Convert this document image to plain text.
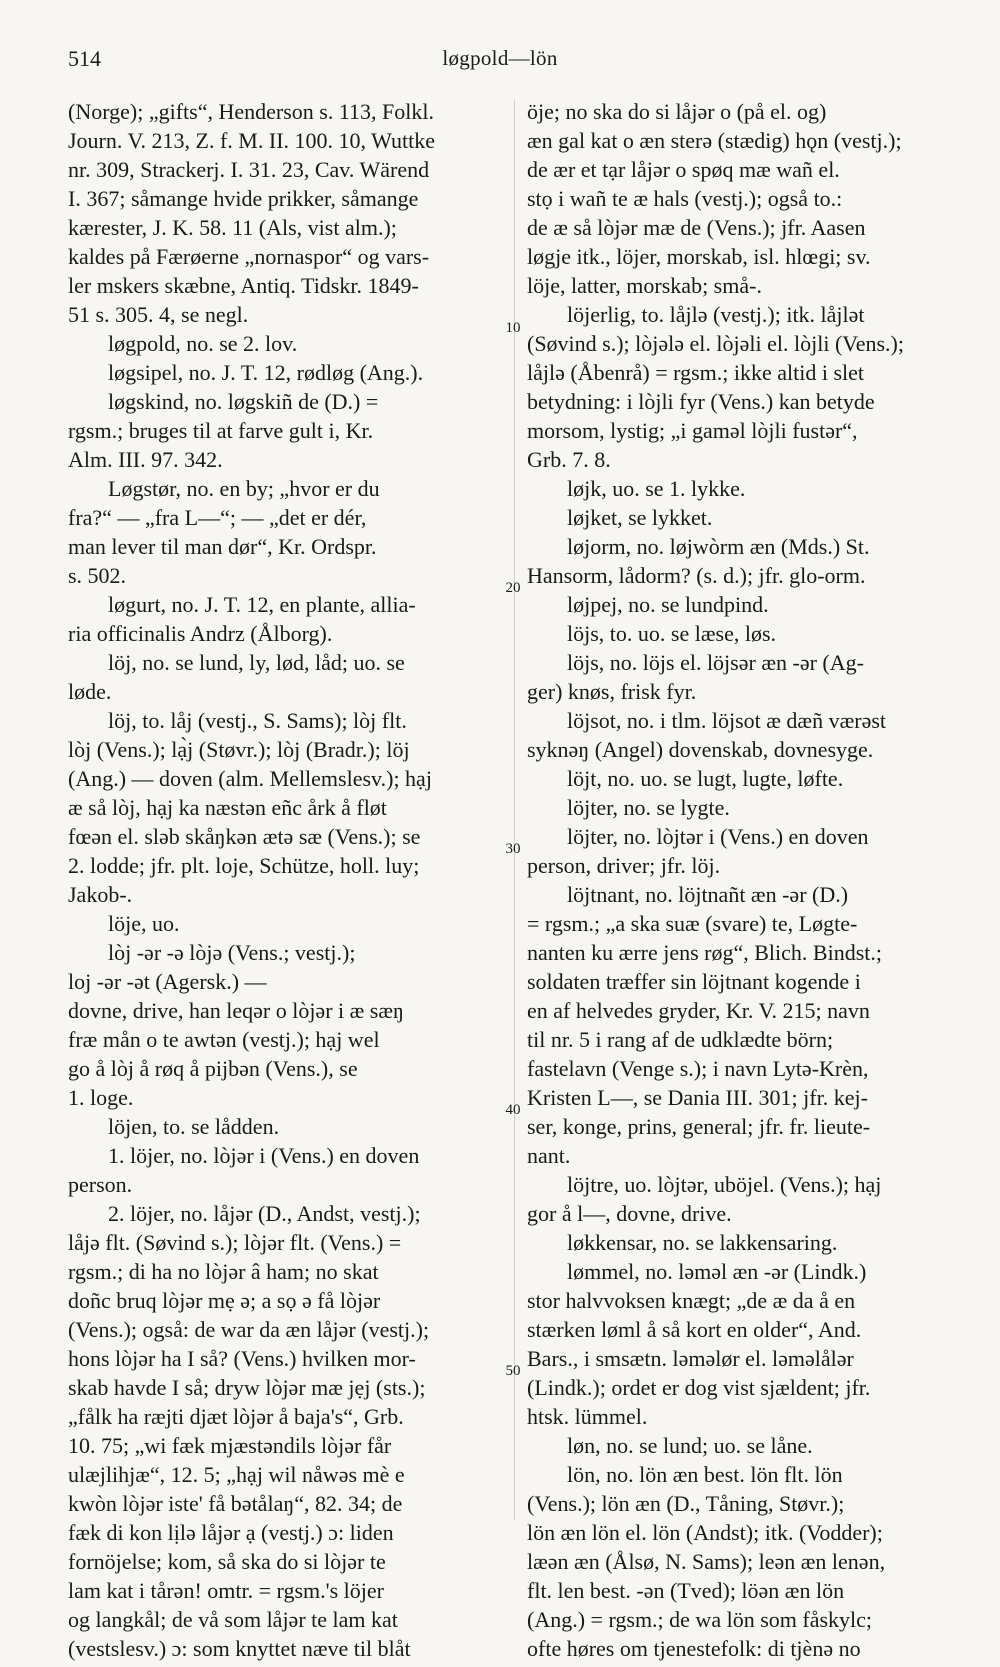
514	løgpold—lön
(Norge); „gifts“, Henderson s. 113, Folkl.
Journ. V. 213, Z. f. M. II. 100. 10, Wuttke
nr. 309, Strackerj. I. 31. 23, Cav. Wärend
I. 367; såmange hvide prikker, såmange
kærester, J. K. 58. 11 (Als, vist alm.);
kaldes på Færøerne „nornaspor“ og vars-
ler mskers skæbne, Antiq. Tidskr. 1849-
51 s. 305. 4, se negl.
løgpold, no. se 2. lov.
løgsipel, no. J. T. 12, rødløg (Ang.).
løgskind, no. løgskiñ de (D.) =
rgsm.; bruges til at farve gult i, Kr.
Alm. III. 97. 342.
Løgstør, no. en by; „hvor er du
fra?“ — „fra L—“; — „det er dér,
man lever til man dør“, Kr. Ordspr.
s. 502.
løgurt, no. J. T. 12, en plante, allia-
ria officinalis Andrz (Ålborg).
löj, no. se lund, ly, lød, låd; uo. se
løde.
löj, to. låj (vestj., S. Sams); lòj flt.
lòj (Vens.); lạ̀j (Støvr.); lòj (Bradr.); löj
(Ang.) — doven (alm. Mellemslesv.); hạj
æ så lòj, hạj ka næstən eñc årk å fløt
fœən el. sləb skåŋkən ætə sæ (Vens.); se
2. lodde; jfr. plt. loje, Schütze, holl. luy;
Jakob-.
löje, uo.
lòj -ər -ə lòjə (Vens.; vestj.);
loj -ər -ət (Agersk.) —
dovne, drive, han leqər o lòjər i æ sæŋ
fræ mån o te awtən (vestj.); hạj wel
go å lòj å røq å pijbən (Vens.), se
1. loge.
löjen, to. se lådden.
1. löjer, no. lòjər i (Vens.) en doven
person.
2. löjer, no. låjər (D., Andst, vestj.);
låjə flt. (Søvind s.); lòjər flt. (Vens.) =
rgsm.; di ha no lòjər â ham; no skat
doñc bruq lòjər mẹ ə; a sọ ə få lòjər
(Vens.); også: de war da æn låjər (vestj.);
hons lòjər ha I så? (Vens.) hvilken mor-
skab havde I så; dryw lòjər mæ jẹj (sts.);
„fålk ha ræjti djæt lòjər å baja's“, Grb.
10. 75; „wi fæk mjæstəndils lòjər får
ulæjlihjæ“, 12. 5; „hạj wil nåwəs mè e
kwòn lòjər iste' få bətålaŋ“, 82. 34; de
fæk di kon lịlə låjər ạ (vestj.) ɔ: liden
fornöjelse; kom, så ska do si lòjər te
lam kat i tårən! omtr. = rgsm.'s löjer
og langkål; de vå som låjər te lam kat
(vestslesv.) ɔ: som knyttet næve til blåt
öje; no ska do si låjər o (på el. og)
æn gal kat o æn sterə (stædig) hǫn (vestj.);
de ær et tạr låjər o spøq mæ wañ el.
stọ i wañ te æ hals (vestj.); også to.:
de æ så lòjər mæ de (Vens.); jfr. Aasen
løgje itk., löjer, morskab, isl. hlœgi; sv.
löje, latter, morskab; små-.
löjerlig, to. låjlə (vestj.); itk. låjlət
(Søvind s.); lòjələ el. lòjəli el. lòjli (Vens.);
låjlə (Åbenrå) = rgsm.; ikke altid i slet
betydning: i lòjli fyr (Vens.) kan betyde
morsom, lystig; „i gaməl lòjli fustər“,
Grb. 7. 8.
løjk, uo. se 1. lykke.
løjket, se lykket.
løjorm, no. løjwòrm æn (Mds.) St.
Hansorm, lådorm? (s. d.); jfr. glo-orm.
løjpej, no. se lundpind.
löjs, to. uo. se læse, løs.
löjs, no. löjs el. löjsər æn -ər (Ag-
ger) knøs, frisk fyr.
löjsot, no. i tlm. löjsot æ dæñ værəst
syknəŋ (Angel) dovenskab, dovnesyge.
löjt, no. uo. se lugt, lugte, løfte.
löjter, no. se lygte.
löjter, no. lòjtər i (Vens.) en doven
person, driver; jfr. löj.
löjtnant, no. löjtnañt æn -ər (D.)
= rgsm.; „a ska suæ (svare) te, Løgte-
nanten ku ærre jens røg“, Blich. Bindst.;
soldaten træffer sin löjtnant kogende i
en af helvedes gryder, Kr. V. 215; navn
til nr. 5 i rang af de udklædte börn;
fastelavn (Venge s.); i navn Lytə-Krèn,
Kristen L—, se Dania III. 301; jfr. kej-
ser, konge, prins, general; jfr. fr. lieute-
nant.
löjtre, uo. lòjtər, uböjel. (Vens.); hạj
gor å l—, dovne, drive.
løkkensar, no. se lakkensaring.
lømmel, no. ləməl æn -ər (Lindk.)
stor halvvoksen knægt; „de æ da å en
stærken løml å så kort en older“, And.
Bars., i smsætn. ləməlør el. ləməlålər
(Lindk.); ordet er dog vist sjældent; jfr.
htsk. lümmel.
løn, no. se lund; uo. se låne.
lön, no. lön æn best. lön flt. lön
(Vens.); lön æn (D., Tåning, Støvr.);
lön æn lön el. lön (Andst); itk. (Vodder);
læən æn (Ålsø, N. Sams); leən æn lenən,
flt. len best. -ən (Tved); löən æn lön
(Ang.) = rgsm.; de wa lön som fåskylc;
ofte høres om tjenestefolk: di tjènə no
10
20
30
40
50
